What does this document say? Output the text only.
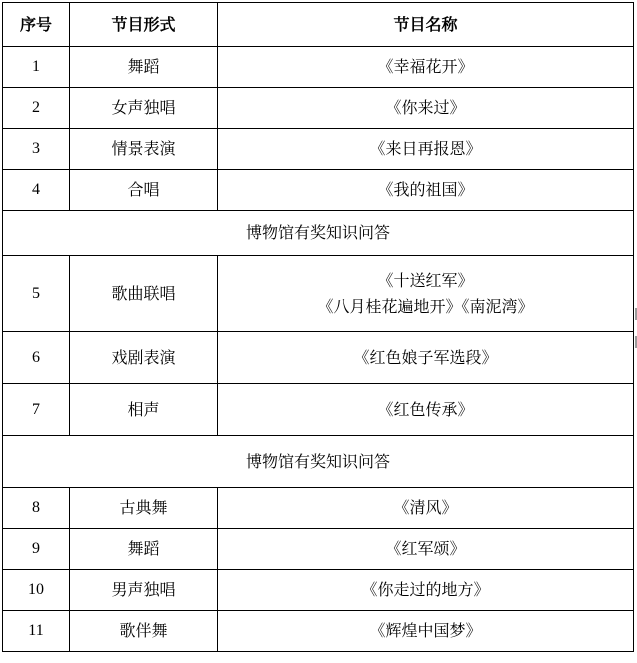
序号	节目形式	节目名称
1	舞蹈	《幸福花开》
2	女声独唱	《你来过》
3	情景表演	《来日再报恩》
4	合唱	《我的祖国》
博物馆有奖知识问答		
5	歌曲联唱	《十送红军》
《八月桂花遍地开》《南泥湾》

6	戏剧表演	《红色娘子军选段》
7	相声	《红色传承》
博物馆有奖知识问答		
8	古典舞	《清风》
9	舞蹈	《红军颂》
10	男声独唱	《你走过的地方》
11	歌伴舞	《辉煌中国梦》
